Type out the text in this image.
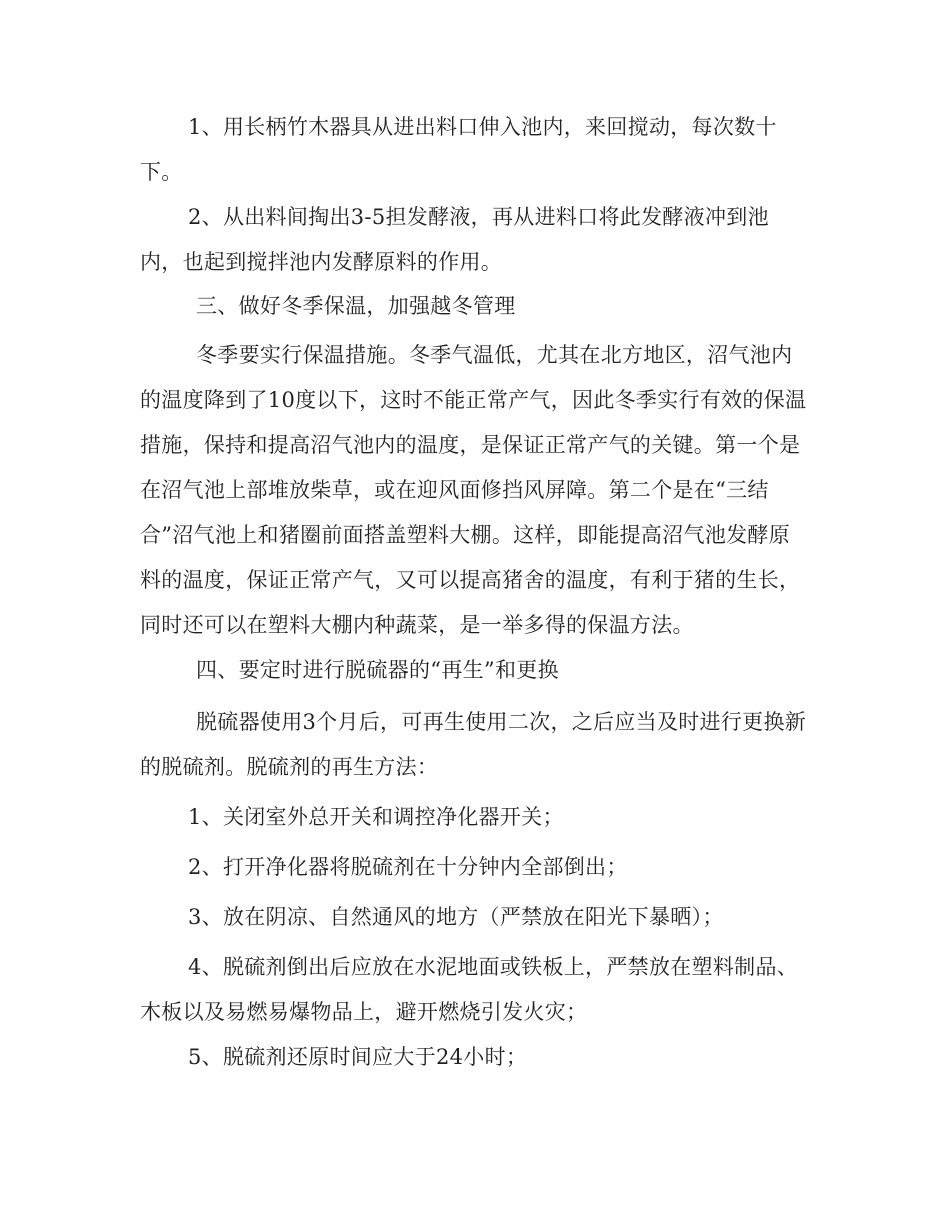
1、用长柄竹木器具从进出料口伸入池内，来回搅动，每次数十下。

2、从出料间掏出3-5担发酵液，再从进料口将此发酵液冲到池内，也起到搅拌池内发酵原料的作用。

三、做好冬季保温，加强越冬管理

冬季要实行保温措施。冬季气温低，尤其在北方地区，沼气池内的温度降到了10度以下，这时不能正常产气，因此冬季实行有效的保温措施，保持和提高沼气池内的温度，是保证正常产气的关键。第一个是在沼气池上部堆放柴草，或在迎风面修挡风屏障。第二个是在“三结合”沼气池上和猪圈前面搭盖塑料大棚。这样，即能提高沼气池发酵原料的温度，保证正常产气，又可以提高猪舍的温度，有利于猪的生长，同时还可以在塑料大棚内种蔬菜，是一举多得的保温方法。

四、要定时进行脱硫器的“再生”和更换

脱硫器使用3个月后，可再生使用二次，之后应当及时进行更换新的脱硫剂。脱硫剂的再生方法：

1、关闭室外总开关和调控净化器开关；

2、打开净化器将脱硫剂在十分钟内全部倒出；

3、放在阴凉、自然通风的地方（严禁放在阳光下暴晒）；

4、脱硫剂倒出后应放在水泥地面或铁板上，严禁放在塑料制品、木板以及易燃易爆物品上，避开燃烧引发火灾；

5、脱硫剂还原时间应大于24小时；
